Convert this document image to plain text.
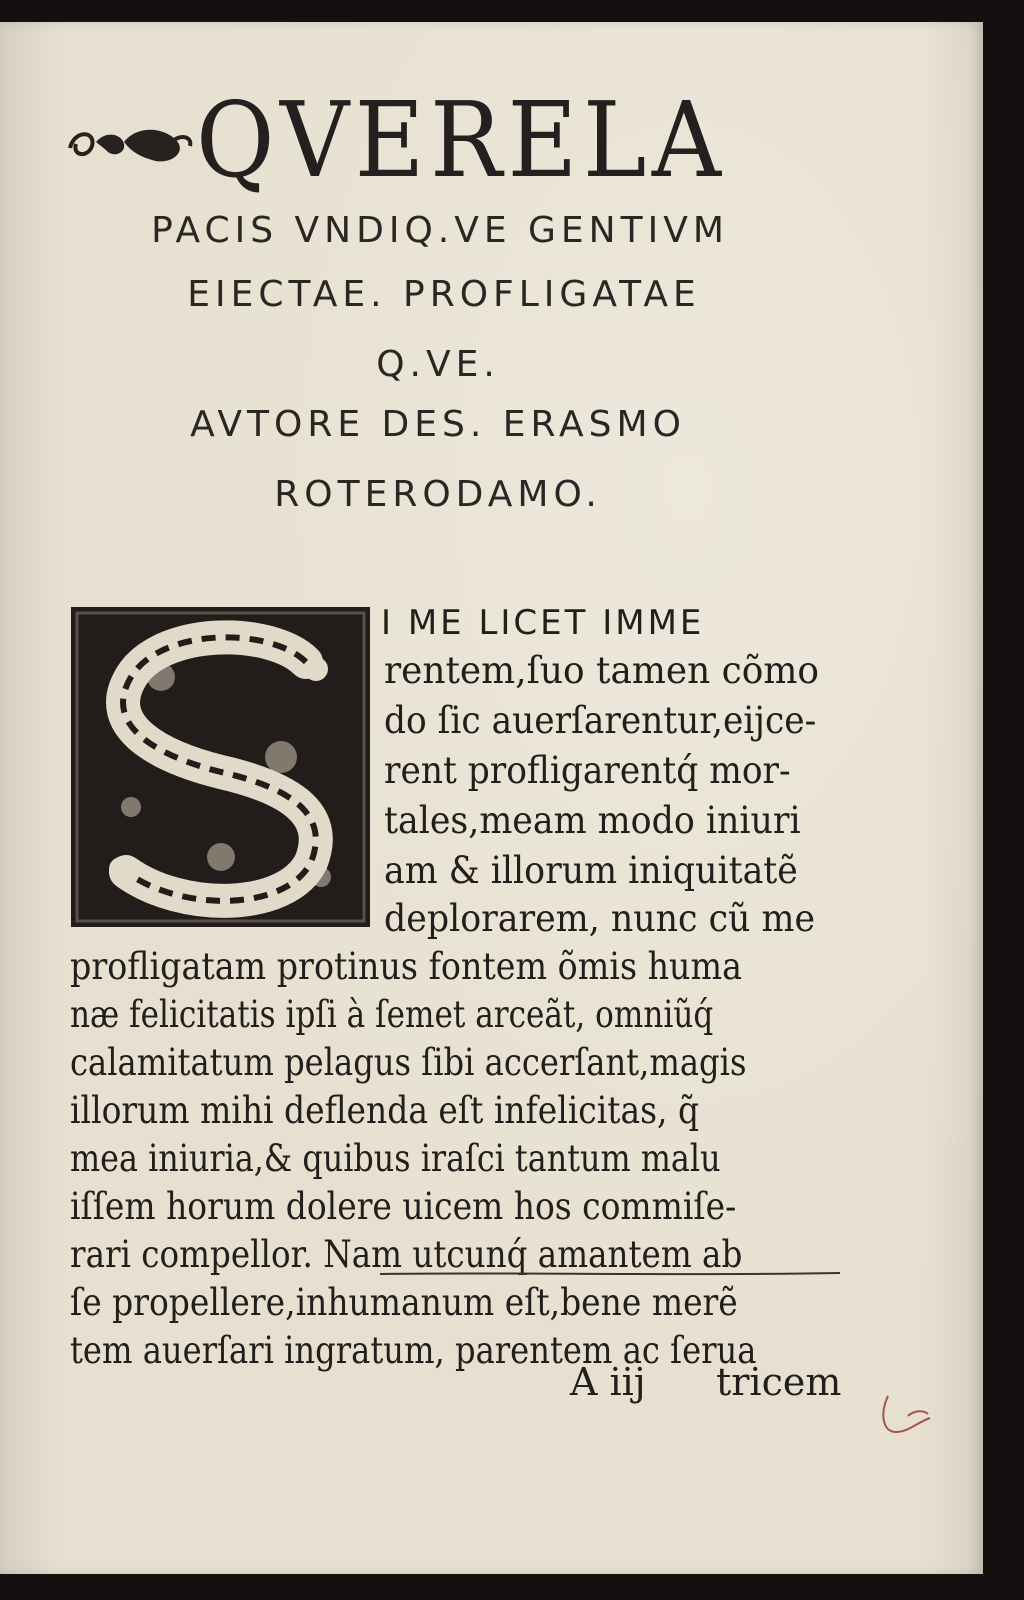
QVERELA
PACIS VNDIQ.VE GENTIVM
EIECTAE. PROFLIGATAE
Q.VE.
AVTORE DES. ERASMO
ROTERODAMO.
I ME LICET IMME
rentem,ſuo tamen cõmo
do ſic auerſarentur,eijce-
rent profligarentq́ mor-
tales,meam modo iniuri
am & illorum iniquitatẽ
deplorarem, nunc cũ me
profligatam protinus fontem õmis huma
næ felicitatis ipſi à ſemet arceãt, omniũq́
calamitatum pelagus ſibi accerſant,magis
illorum mihi deflenda eſt infelicitas, q̃
mea iniuria,& quibus iraſci tantum malu
iſſem horum dolere uicem hos commiſe-
rari compellor. Nam utcunq́ amantem ab
ſe propellere,inhumanum eſt,bene merẽ
tem auerſari ingratum, parentem ac ſerua
A iij tricem
